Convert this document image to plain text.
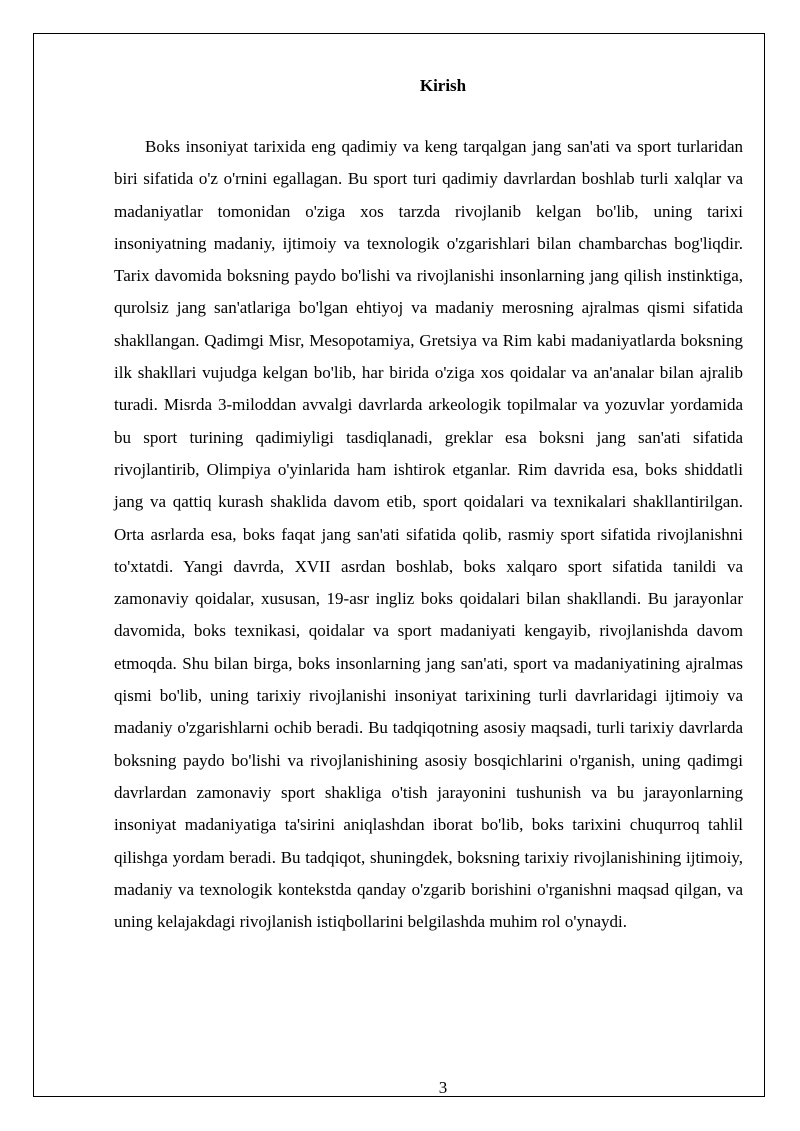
Kirish

Boks insoniyat tarixida eng qadimiy va keng tarqalgan jang san'ati va sport turlaridan biri sifatida o'z o'rnini egallagan. Bu sport turi qadimiy davrlardan boshlab turli xalqlar va madaniyatlar tomonidan o'ziga xos tarzda rivojlanib kelgan bo'lib, uning tarixi insoniyatning madaniy, ijtimoiy va texnologik o'zgarishlari bilan chambarchas bog'liqdir. Tarix davomida boksning paydo bo'lishi va rivojlanishi insonlarning jang qilish instinktiga, qurolsiz jang san'atlariga bo'lgan ehtiyoj va madaniy merosning ajralmas qismi sifatida shakllangan. Qadimgi Misr, Mesopotamiya, Gretsiya va Rim kabi madaniyatlarda boksning ilk shakllari vujudga kelgan bo'lib, har birida o'ziga xos qoidalar va an'analar bilan ajralib turadi. Misrda 3-miloddan avvalgi davrlarda arkeologik topilmalar va yozuvlar yordamida bu sport turining qadimiyligi tasdiqlanadi, greklar esa boksni jang san'ati sifatida rivojlantirib, Olimpiya o'yinlarida ham ishtirok etganlar. Rim davrida esa, boks shiddatli jang va qattiq kurash shaklida davom etib, sport qoidalari va texnikalari shakllantirilgan. Orta asrlarda esa, boks faqat jang san'ati sifatida qolib, rasmiy sport sifatida rivojlanishni to'xtatdi. Yangi davrda, XVII asrdan boshlab, boks xalqaro sport sifatida tanildi va zamonaviy qoidalar, xususan, 19-asr ingliz boks qoidalari bilan shakllandi. Bu jarayonlar davomida, boks texnikasi, qoidalar va sport madaniyati kengayib, rivojlanishda davom etmoqda. Shu bilan birga, boks insonlarning jang san'ati, sport va madaniyatining ajralmas qismi bo'lib, uning tarixiy rivojlanishi insoniyat tarixining turli davrlaridagi ijtimoiy va madaniy o'zgarishlarni ochib beradi. Bu tadqiqotning asosiy maqsadi, turli tarixiy davrlarda boksning paydo bo'lishi va rivojlanishining asosiy bosqichlarini o'rganish, uning qadimgi davrlardan zamonaviy sport shakliga o'tish jarayonini tushunish va bu jarayonlarning insoniyat madaniyatiga ta'sirini aniqlashdan iborat bo'lib, boks tarixini chuqurroq tahlil qilishga yordam beradi. Bu tadqiqot, shuningdek, boksning tarixiy rivojlanishining ijtimoiy, madaniy va texnologik kontekstda qanday o'zgarib borishini o'rganishni maqsad qilgan, va uning kelajakdagi rivojlanish istiqbollarini belgilashda muhim rol o'ynaydi.

3
